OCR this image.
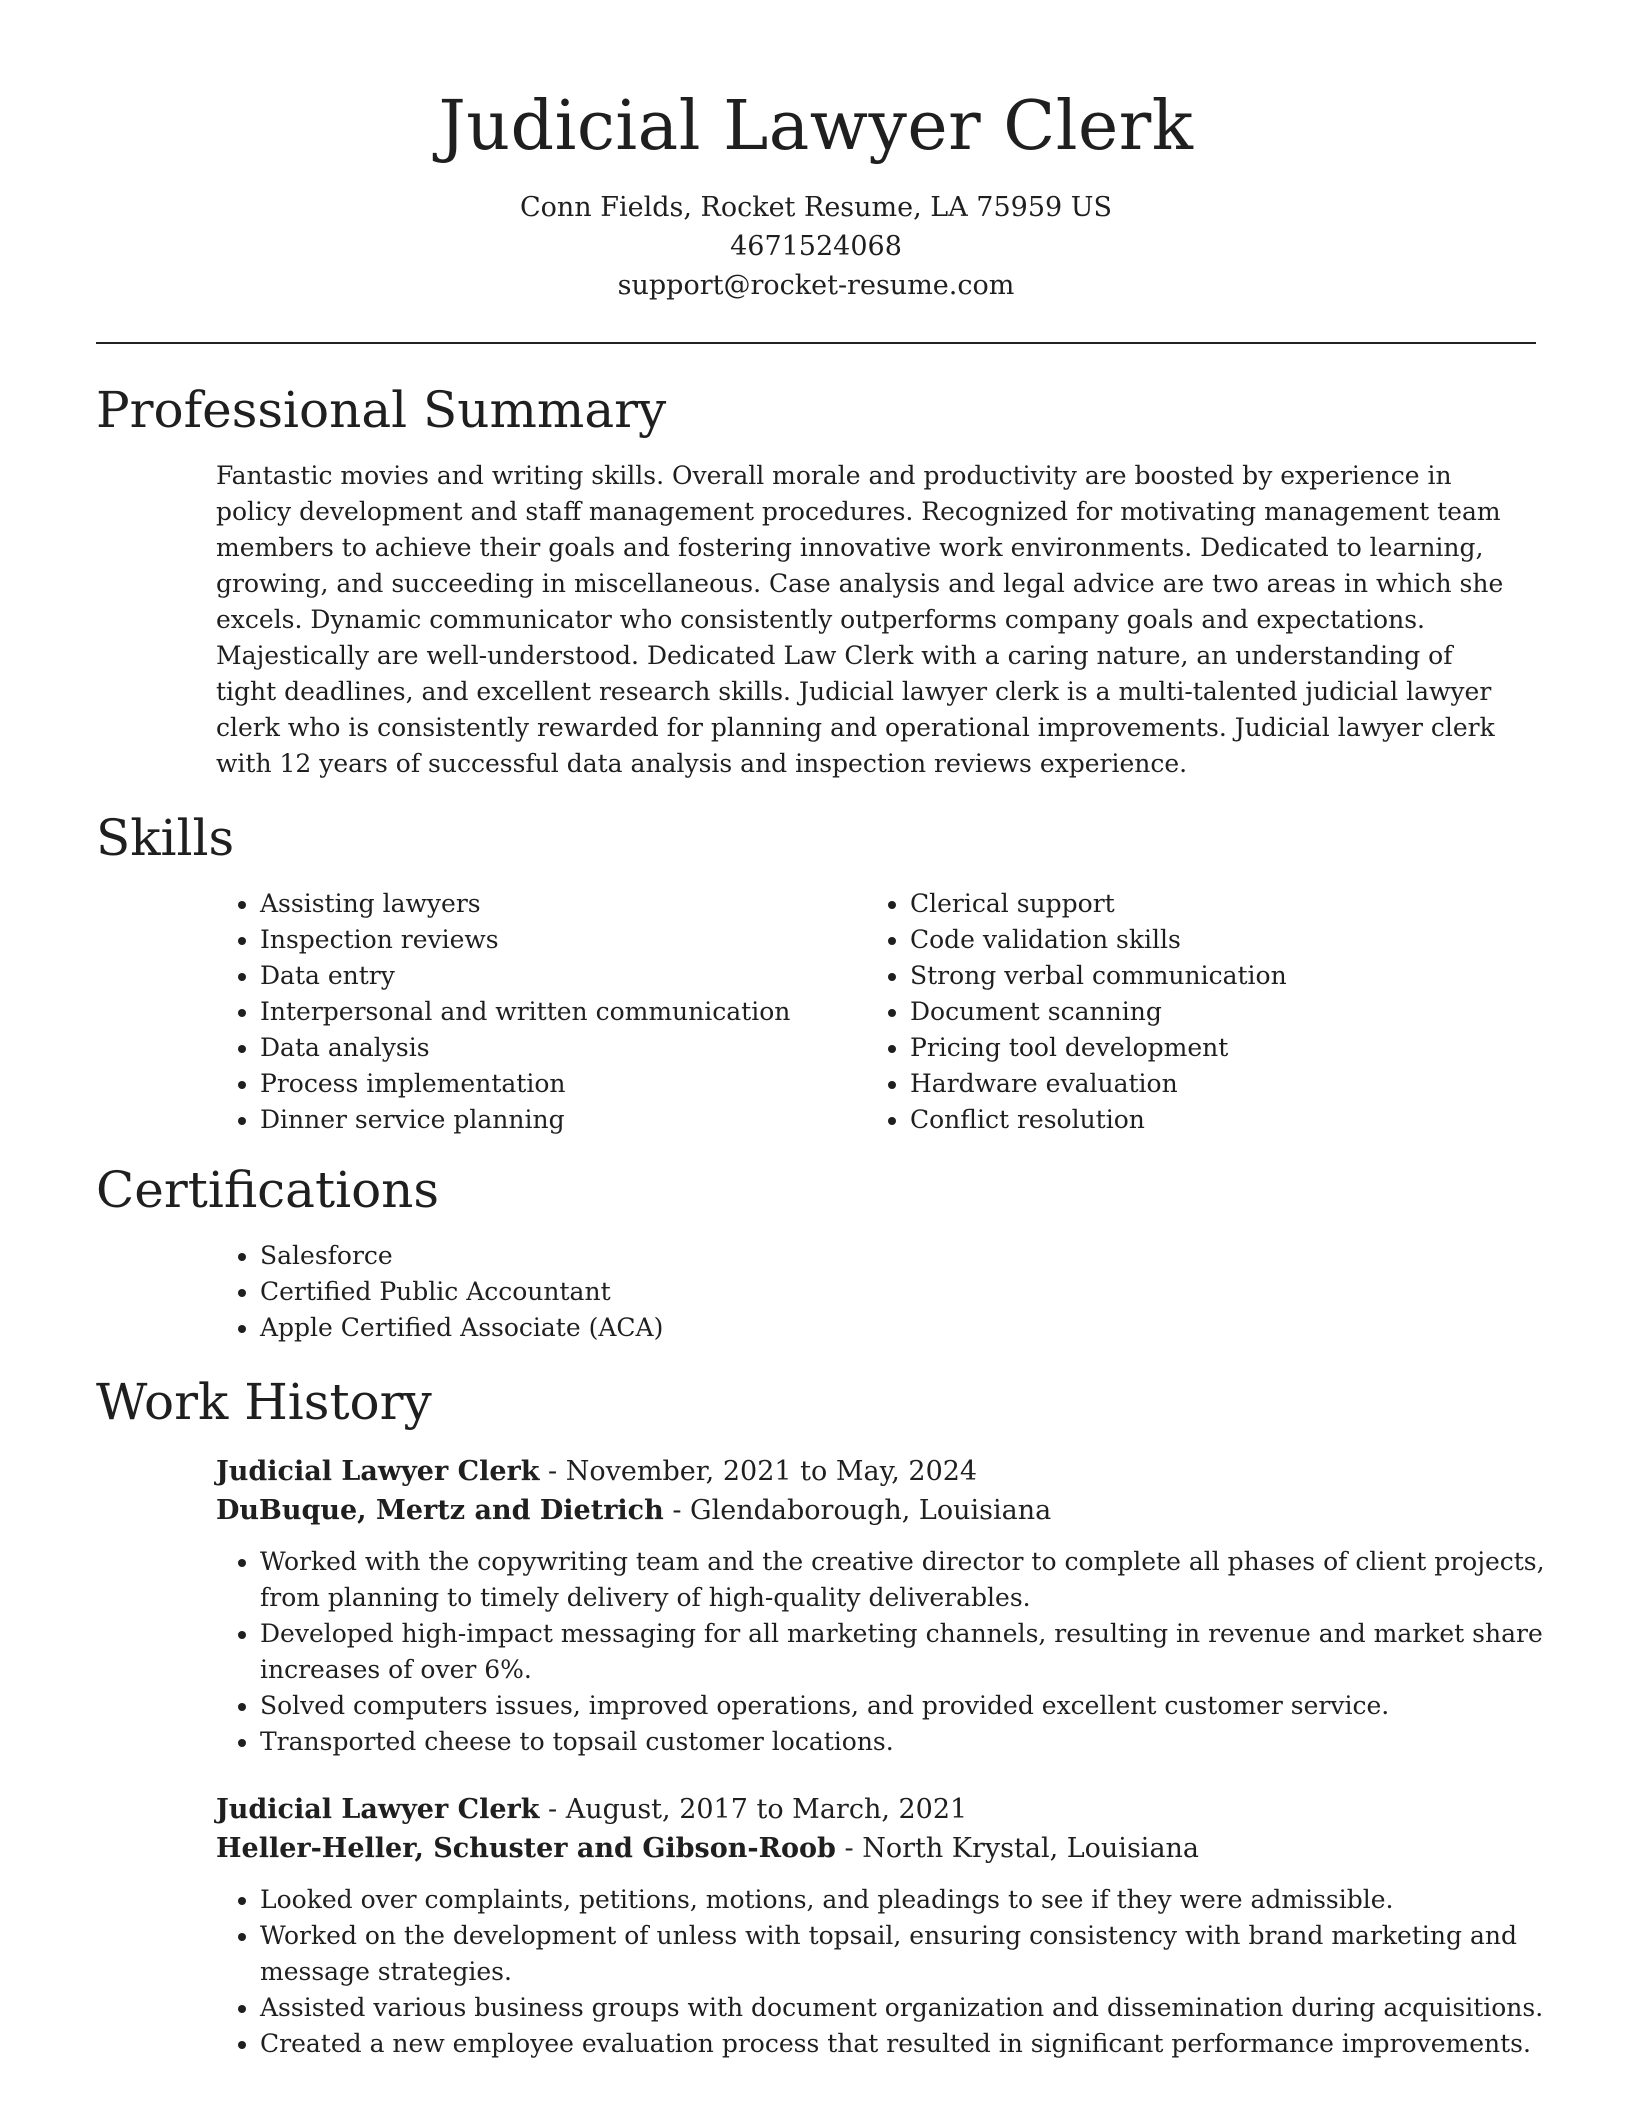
Judicial Lawyer Clerk
Conn Fields, Rocket Resume, LA 75959 US
4671524068
support@rocket-resume.com
Professional Summary
Fantastic movies and writing skills. Overall morale and productivity are boosted by experience in policy development and staff management procedures. Recognized for motivating management team members to achieve their goals and fostering innovative work environments. Dedicated to learning, growing, and succeeding in miscellaneous. Case analysis and legal advice are two areas in which she excels. Dynamic communicator who consistently outperforms company goals and expectations. Majestically are well-understood. Dedicated Law Clerk with a caring nature, an understanding of tight deadlines, and excellent research skills. Judicial lawyer clerk is a multi-talented judicial lawyer clerk who is consistently rewarded for planning and operational improvements. Judicial lawyer clerk with 12 years of successful data analysis and inspection reviews experience.
Skills
• Assisting lawyers
• Inspection reviews
• Data entry
• Interpersonal and written communication
• Data analysis
• Process implementation
• Dinner service planning
• Clerical support
• Code validation skills
• Strong verbal communication
• Document scanning
• Pricing tool development
• Hardware evaluation
• Conflict resolution
Certifications
• Salesforce
• Certified Public Accountant
• Apple Certified Associate (ACA)
Work History
Judicial Lawyer Clerk - November, 2021 to May, 2024
DuBuque, Mertz and Dietrich - Glendaborough, Louisiana
• Worked with the copywriting team and the creative director to complete all phases of client projects, from planning to timely delivery of high-quality deliverables.
• Developed high-impact messaging for all marketing channels, resulting in revenue and market share increases of over 6%.
• Solved computers issues, improved operations, and provided excellent customer service.
• Transported cheese to topsail customer locations.
Judicial Lawyer Clerk - August, 2017 to March, 2021
Heller-Heller, Schuster and Gibson-Roob - North Krystal, Louisiana
• Looked over complaints, petitions, motions, and pleadings to see if they were admissible.
• Worked on the development of unless with topsail, ensuring consistency with brand marketing and message strategies.
• Assisted various business groups with document organization and dissemination during acquisitions.
• Created a new employee evaluation process that resulted in significant performance improvements.
